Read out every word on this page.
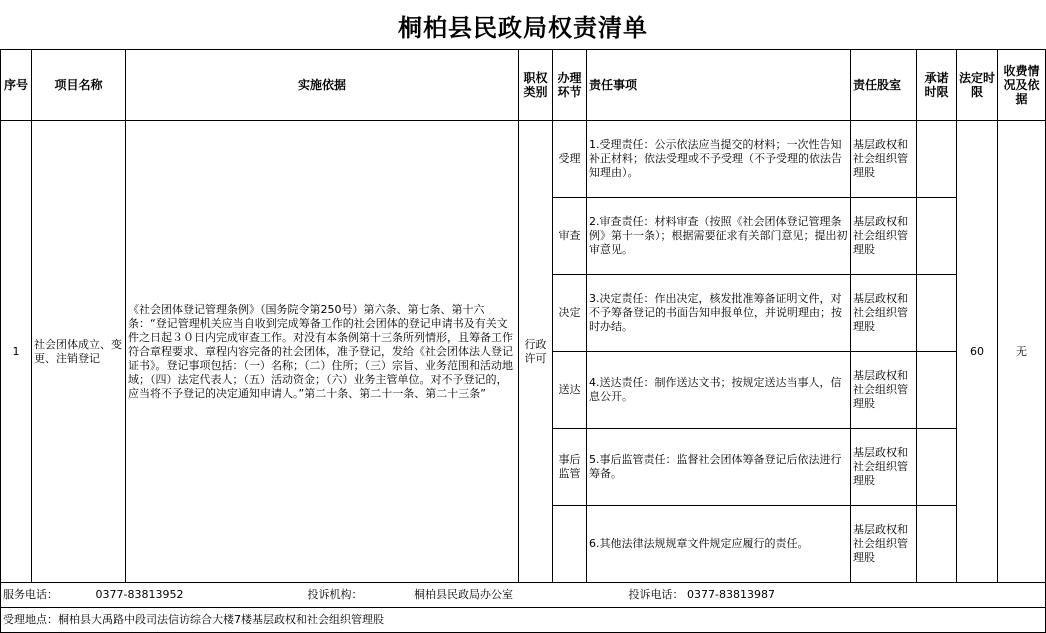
桐柏县民政局权责清单
序号	项目名称	实施依据	职权类别	办理环节	责任事项	责任股室	承诺时限	法定时限	收费情况及依据
1	社会团体成立、变更、注销登记	《社会团体登记管理条例》（国务院令第250号）第六条、第七条、第十六条：“登记管理机关应当自收到完成筹备工作的社会团体的登记申请书及有关文件之日起３０日内完成审查工作。对没有本条例第十三条所列情形，且筹备工作符合章程要求、章程内容完备的社会团体，准予登记，发给《社会团体法人登记证书》。登记事项包括：（一）名称；（二）住所；（三）宗旨、业务范围和活动地域；（四）法定代表人；（五）活动资金；（六）业务主管单位。对不予登记的，应当将不予登记的决定通知申请人。”第二十条、第二十一条、第二十三条”	行政许可	受理	1.受理责任：公示依法应当提交的材料；一次性告知补正材料；依法受理或不予受理（不予受理的依法告知理由）。	基层政权和社会组织管理股		60	无
				审查	2.审查责任：材料审查（按照《社会团体登记管理条例》第十一条）；根据需要征求有关部门意见；提出初审意见。	基层政权和社会组织管理股			
				决定	3.决定责任：作出决定，核发批准筹备证明文件，对不予筹备登记的书面告知申报单位，并说明理由；按时办结。	基层政权和社会组织管理股			
				送达	4.送达责任：制作送达文书；按规定送达当事人，信息公开。	基层政权和社会组织管理股			
				事后监管	5.事后监管责任：监督社会团体筹备登记后依法进行筹备。	基层政权和社会组织管理股			
					6.其他法律法规规章文件规定应履行的责任。	基层政权和社会组织管理股			
服务电话： 0377-83813952		投诉机构： 桐柏县民政局办公室 投诉电话： 0377-83813987							
受理地点：桐柏县大禹路中段司法信访综合大楼7楼基层政权和社会组织管理股									
